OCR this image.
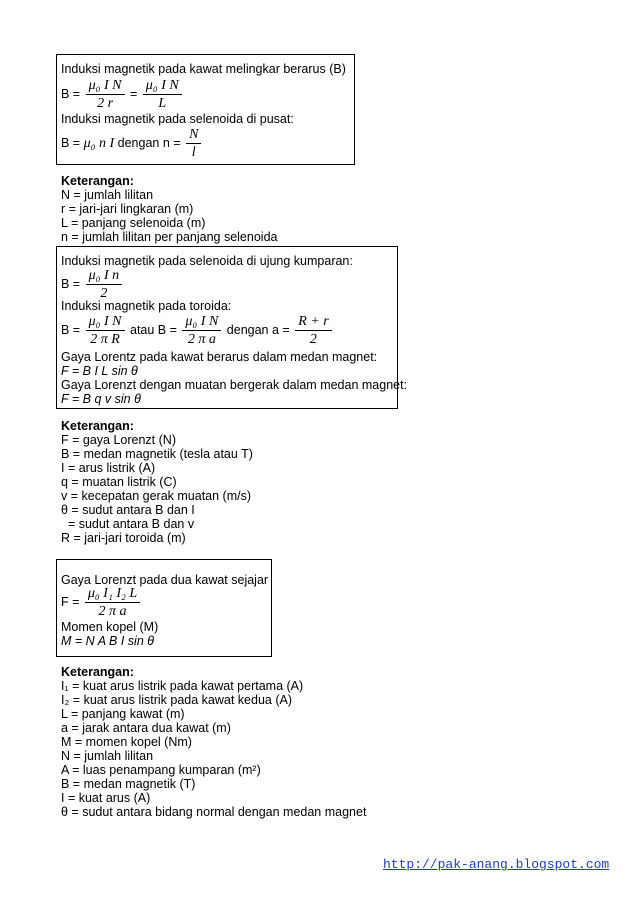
Induksi magnetik pada kawat melingkar berarus (B)
$B = \frac{\text{μ₀ I N}}{2 r} = \frac{\text{μ₀ I N}}{L}$
Induksi magnetik pada selenoida di pusat:
B = μ₀ n I dengan $n = \frac{N}{l}$
Keterangan:
N = jumlah lilitan
r = jari-jari lingkaran (m)
L = panjang selenoida (m)
n = jumlah lilitan per panjang selenoida
Induksi magnetik pada selenoida di ujung kumparan:
$B = \frac{\text{μ₀ I n}}{2}$
Induksi magnetik pada toroida:
$B = \frac{\text{μ₀ I N}}{\text{2 π R}}$ atau $B = \frac{\text{μ₀ I N}}{\text{2 π a}}$ dengan $a = \frac{R + r}{2}$
Gaya Lorentz pada kawat berarus dalam medan magnet:
F = B I L sin θ
Gaya Lorenzt dengan muatan bergerak dalam medan magnet:
F = B q v sin θ
Keterangan:
F = gaya Lorenzt (N)
B = medan magnetik (tesla atau T)
I = arus listrik (A)
q = muatan listrik (C)
v = kecepatan gerak muatan (m/s)
θ = sudut antara B dan I
= sudut antara B dan v
R = jari-jari toroida (m)
Gaya Lorenzt pada dua kawat sejajar
$F = \frac{\text{μ₀ I₁ I₂ L}}{\text{2 π a}}$
Momen kopel (M)
M = N A B I sin θ
Keterangan:
I₁ = kuat arus listrik pada kawat pertama (A)
I₂ = kuat arus listrik pada kawat kedua (A)
L = panjang kawat (m)
a = jarak antara dua kawat (m)
M = momen kopel (Nm)
N = jumlah lilitan
A = luas penampang kumparan (m²)
B = medan magnetik (T)
I = kuat arus (A)
θ = sudut antara bidang normal dengan medan magnet
http://pak-anang.blogspot.com
